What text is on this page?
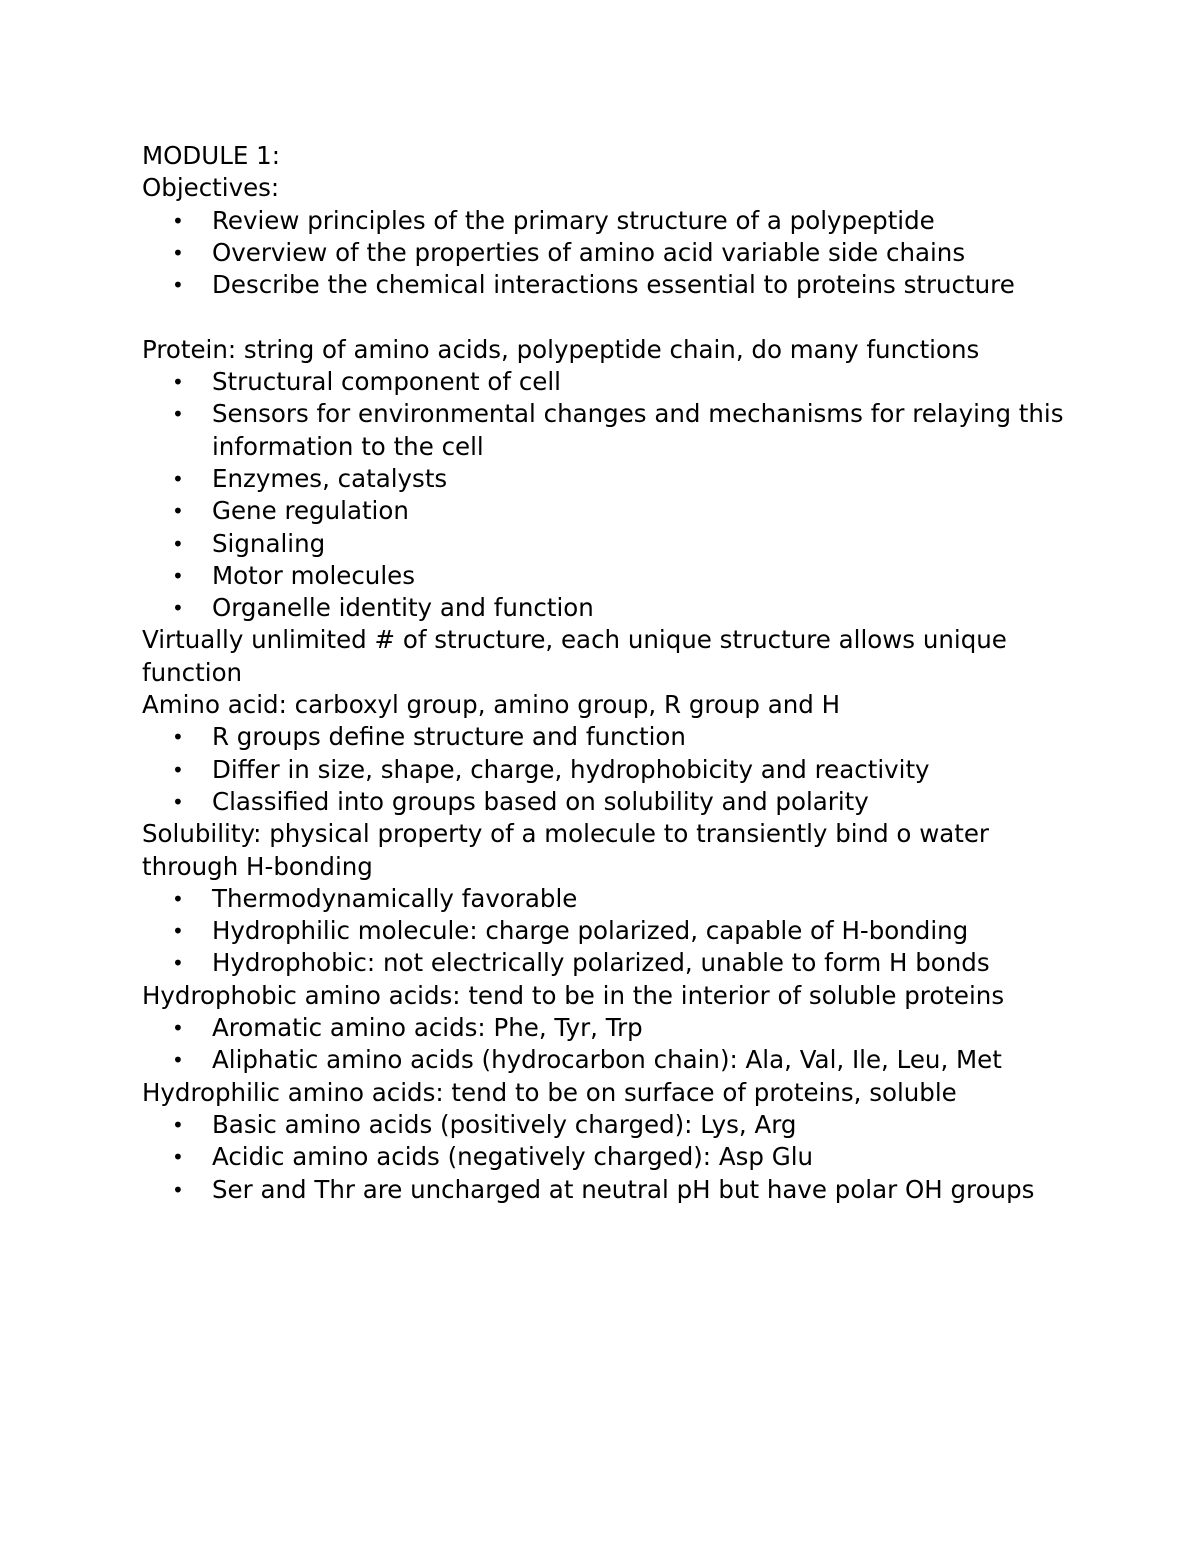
MODULE 1:

Objectives:

• Review principles of the primary structure of a polypeptide
• Overview of the properties of amino acid variable side chains
• Describe the chemical interactions essential to proteins structure

Protein: string of amino acids, polypeptide chain, do many functions

• Structural component of cell
• Sensors for environmental changes and mechanisms for relaying this information to the cell
• Enzymes, catalysts
• Gene regulation
• Signaling
• Motor molecules
• Organelle identity and function

Virtually unlimited # of structure, each unique structure allows unique function

Amino acid: carboxyl group, amino group, R group and H

• R groups define structure and function
• Differ in size, shape, charge, hydrophobicity and reactivity
• Classified into groups based on solubility and polarity

Solubility: physical property of a molecule to transiently bind o water through H-bonding

• Thermodynamically favorable
• Hydrophilic molecule: charge polarized, capable of H-bonding
• Hydrophobic: not electrically polarized, unable to form H bonds

Hydrophobic amino acids: tend to be in the interior of soluble proteins

• Aromatic amino acids: Phe, Tyr, Trp
• Aliphatic amino acids (hydrocarbon chain): Ala, Val, Ile, Leu, Met

Hydrophilic amino acids: tend to be on surface of proteins, soluble

• Basic amino acids (positively charged): Lys, Arg
• Acidic amino acids (negatively charged): Asp Glu
• Ser and Thr are uncharged at neutral pH but have polar OH groups
